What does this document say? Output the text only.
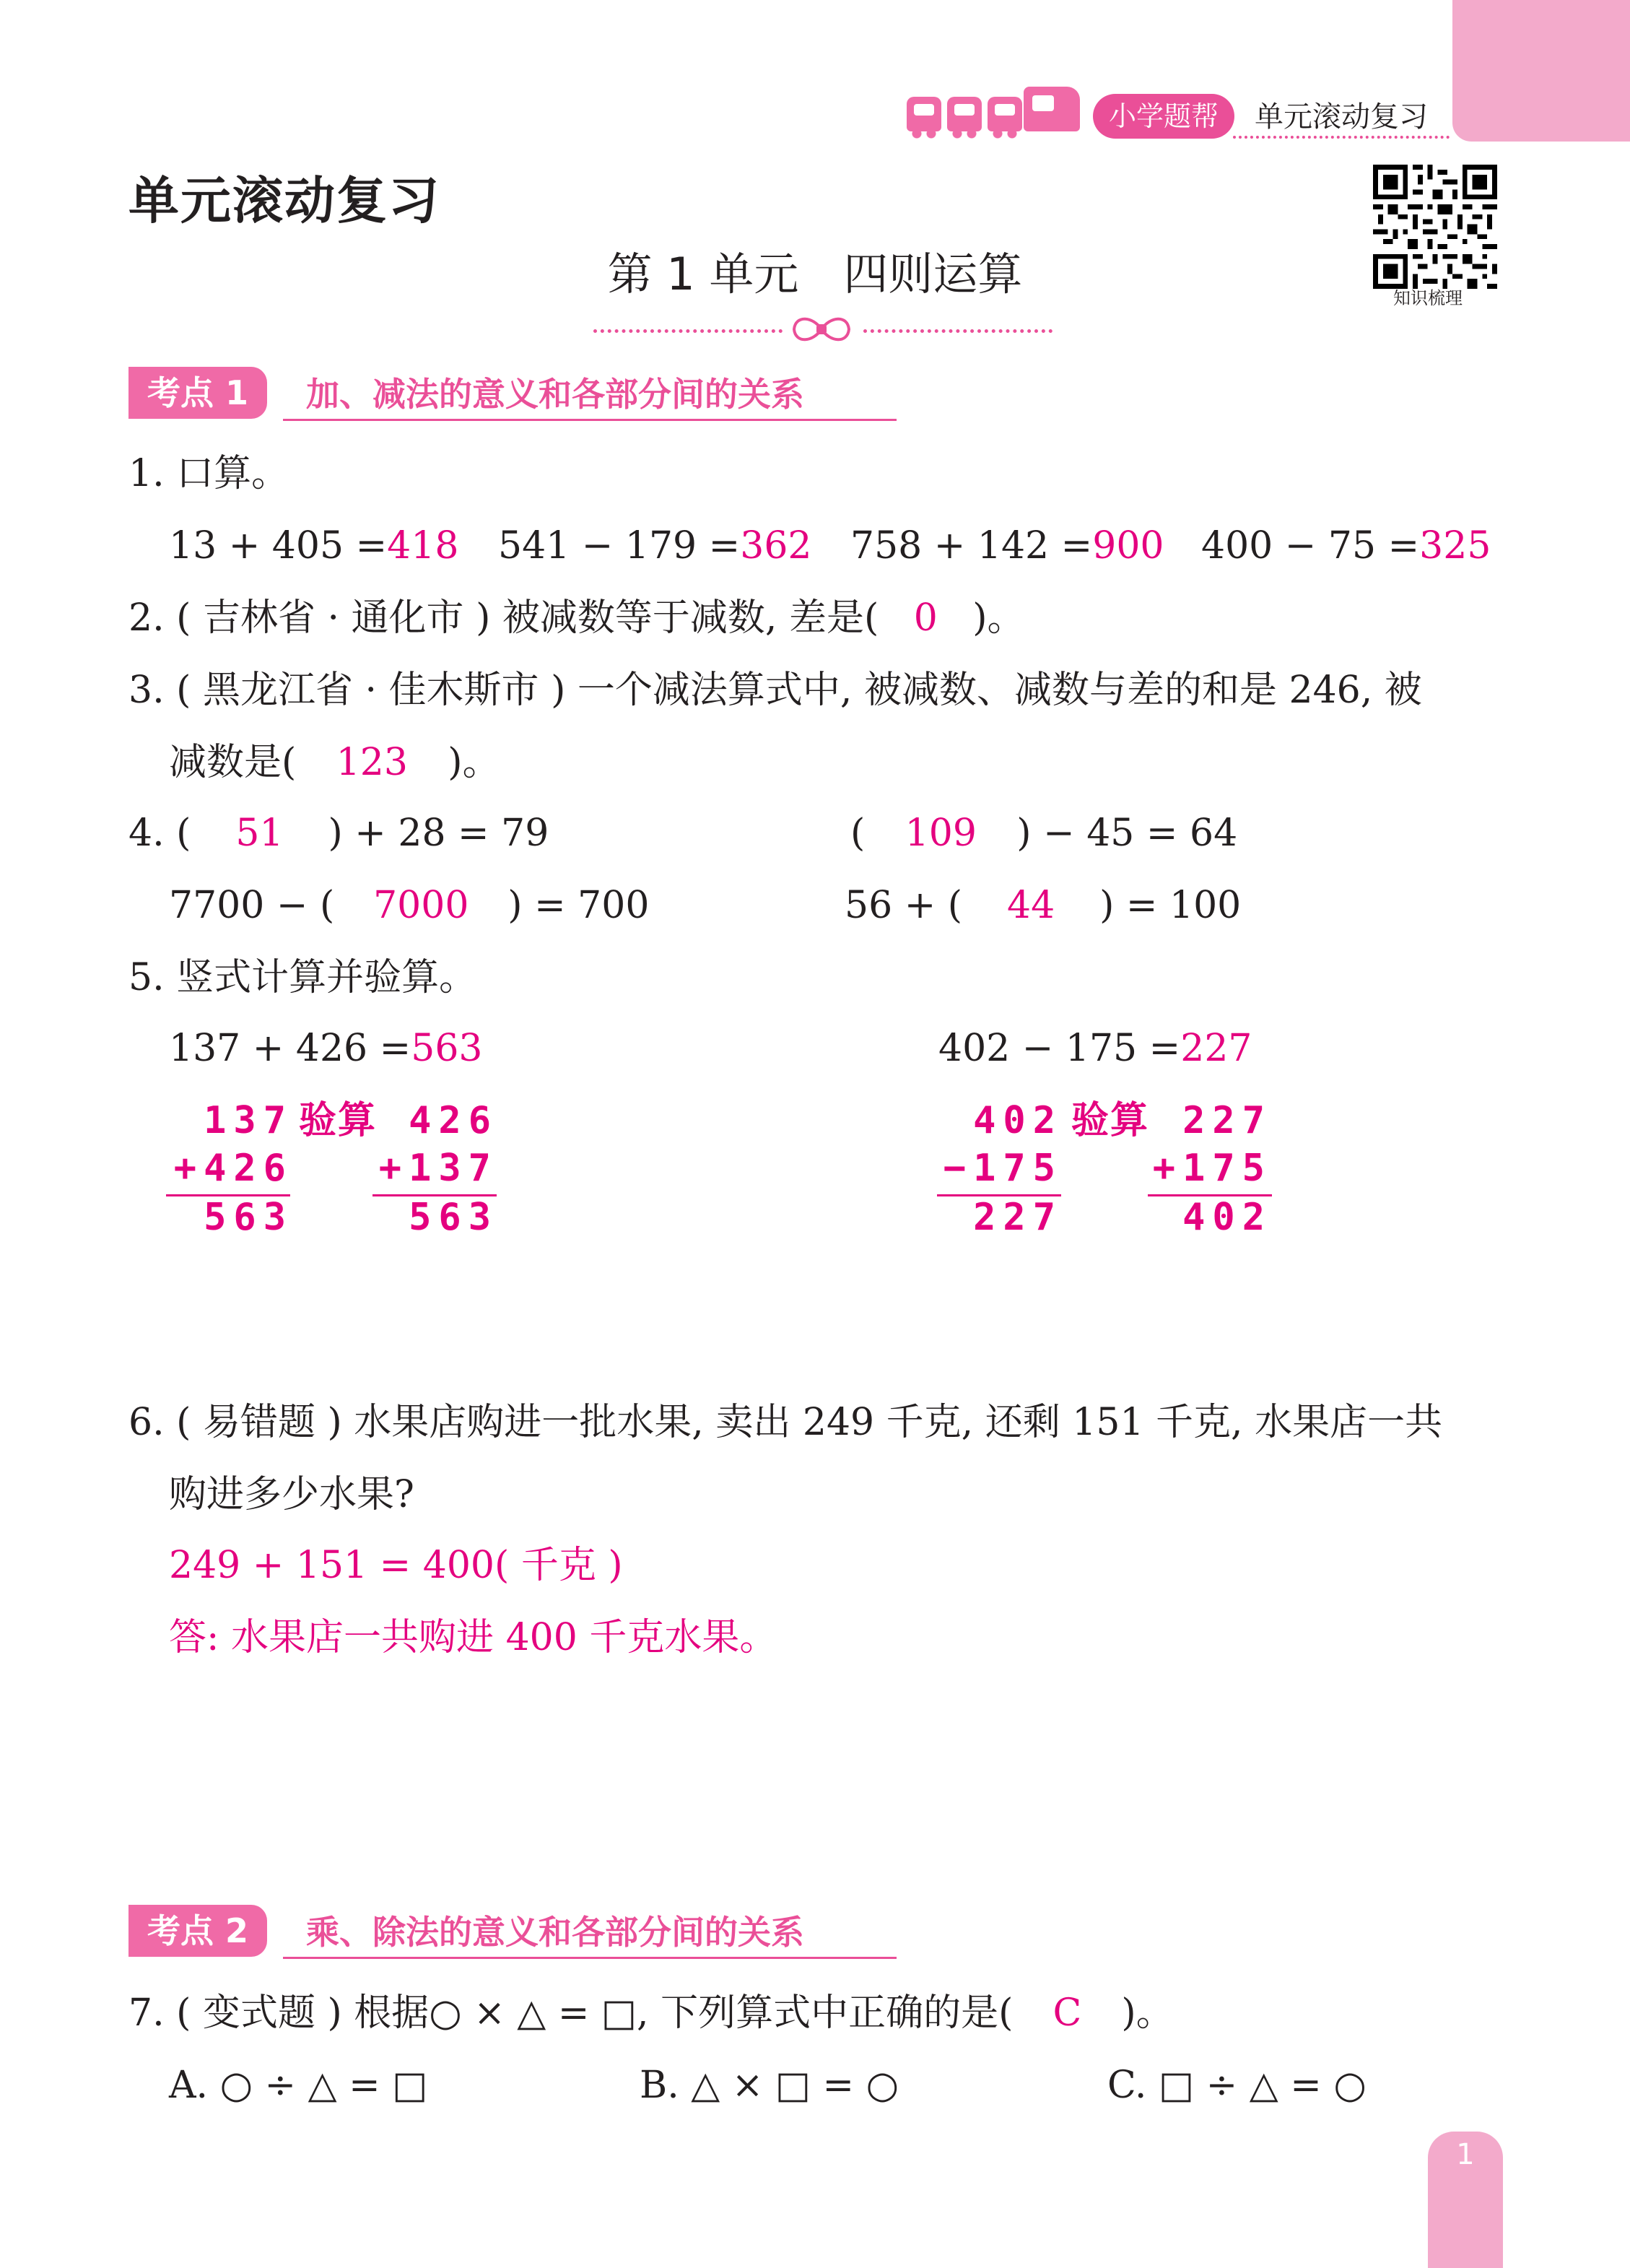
小学题帮	单元滚动复习
单元滚动复习
第 1 单元　四则运算	知识梳理
考点 1	加、减法的意义和各部分间的关系
1. 口算。
13 + 405 =418 541 − 179 =362 758 + 142 =900 400 − 75 =325
2. ( 吉林省 · 通化市 ) 被减数等于减数, 差是( 0 )。
3. ( 黑龙江省 · 佳木斯市 ) 一个减法算式中, 被减数、减数与差的和是 246, 被
减数是( 123 )。
4. ( 51 ) + 28 = 79	( 109 ) − 45 = 64
7700 − ( 7000 ) = 700	56 + ( 44 ) = 100
5. 竖式计算并验算。
137 + 426 =563	402 − 175 =227
137
+426
563
验算 426
+137
563
402
−175
227
验算 227
+175
402
6. ( 易错题 ) 水果店购进一批水果, 卖出 249 千克, 还剩 151 千克, 水果店一共
购进多少水果?
249 + 151 = 400( 千克 )
答: 水果店一共购进 400 千克水果。
考点 2	乘、除法的意义和各部分间的关系
7. ( 变式题 ) 根据○ × △ = □, 下列算式中正确的是( C )。
A. ○ ÷ △ = □	B. △ × □ = ○	C. □ ÷ △ = ○
1
